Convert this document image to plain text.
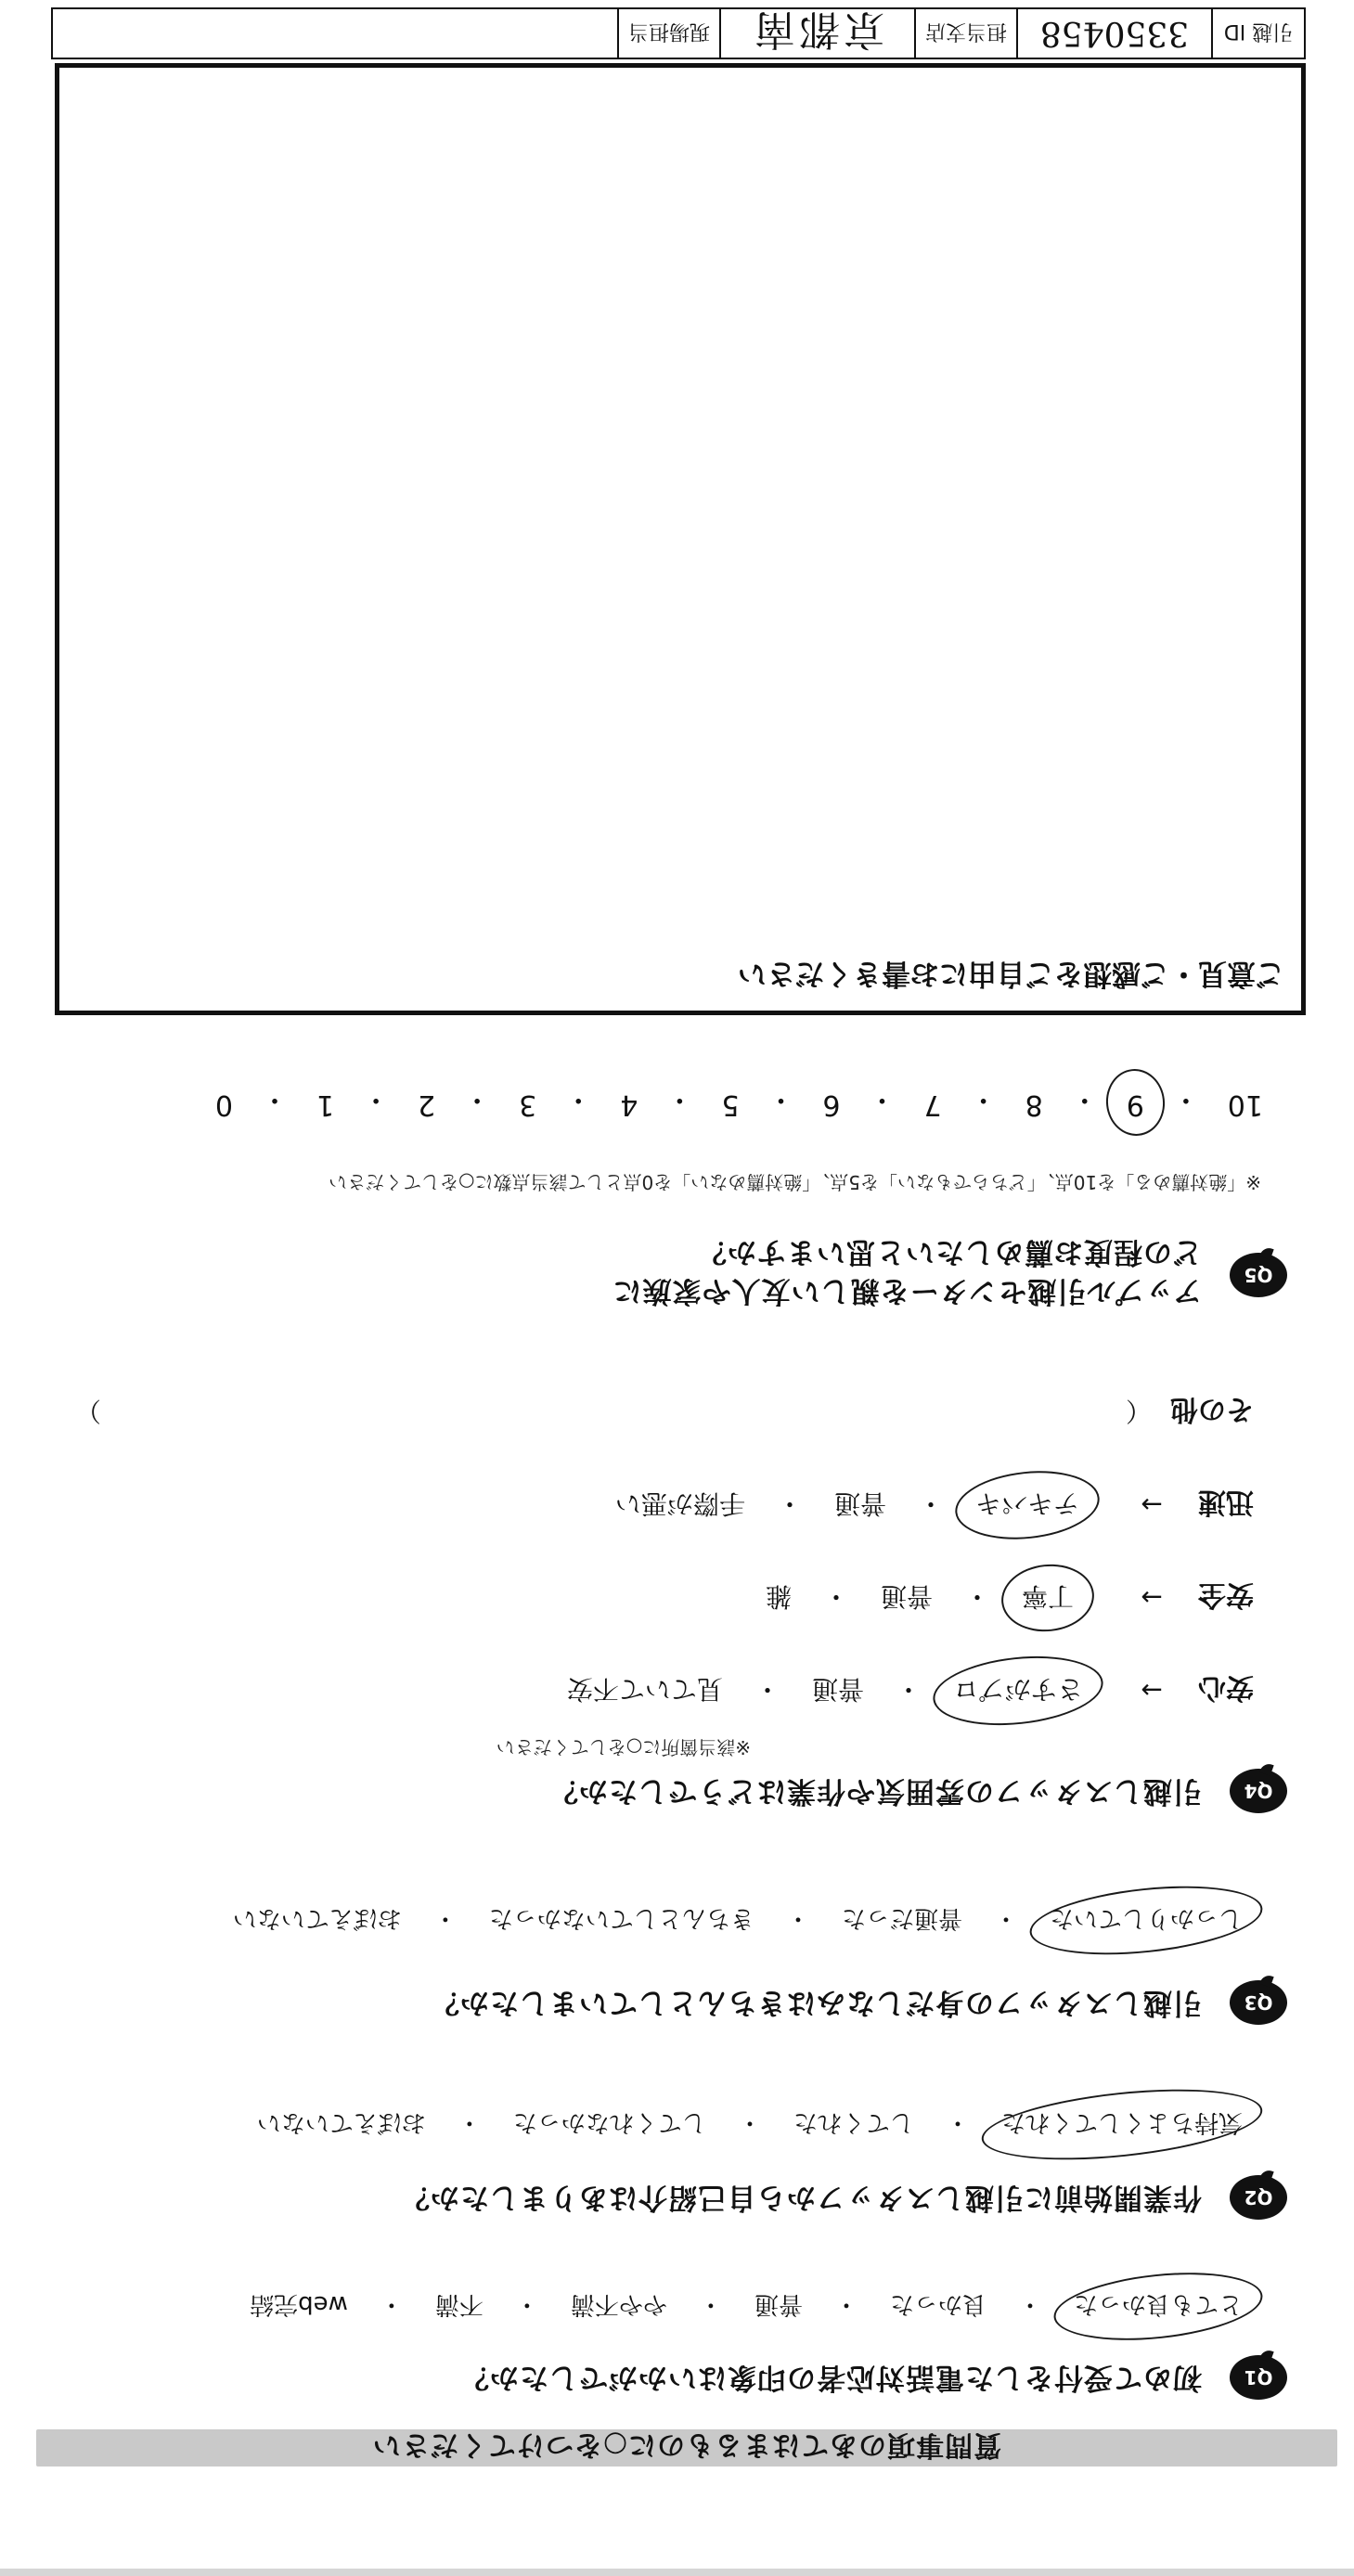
質問事項のあてはまるものに○をつけてください
Q1
初めて受付をした電話対応者の印象はいかがでしたか？
とても良かった
・
良かった
・
普通
・
やや不満
・
不満
・
web完結
Q2
作業開始前に引越しスタッフから自己紹介はありましたか？
気持ちよくしてくれた
・
してくれた
・
してくれなかった
・
おぼえていない
Q3
引越しスタッフの身だしなみはきちんとしていましたか？
しっかりしていた
・
普通だった
・
きちんとしていなかった
・
おぼえていない
Q4
引越しスタッフの雰囲気や作業はどうでしたか？
※該当箇所に○をしてください
安心
→
さすがプロ
・
普通
・
見ていて不安
安全
→
丁寧
・
普通
・
雑
迅速
→
テキパキ
・
普通
・
手際が悪い
その他
（
）
Q5
アップル引越センターを親しい友人や家族に
どの程度お薦めしたいと思いますか？
※「絶対薦める」を10点、「どちらでもない」を5点、「絶対薦めない」を0点として該当点数に○をしてください
10
・
9
・
8
・
7
・
6
・
5
・
4
・
3
・
2
・
1
・
0
ご意見・ご感想をご自由にお書きください
引越 ID
3350458
担当支店
京都南
現場担当
